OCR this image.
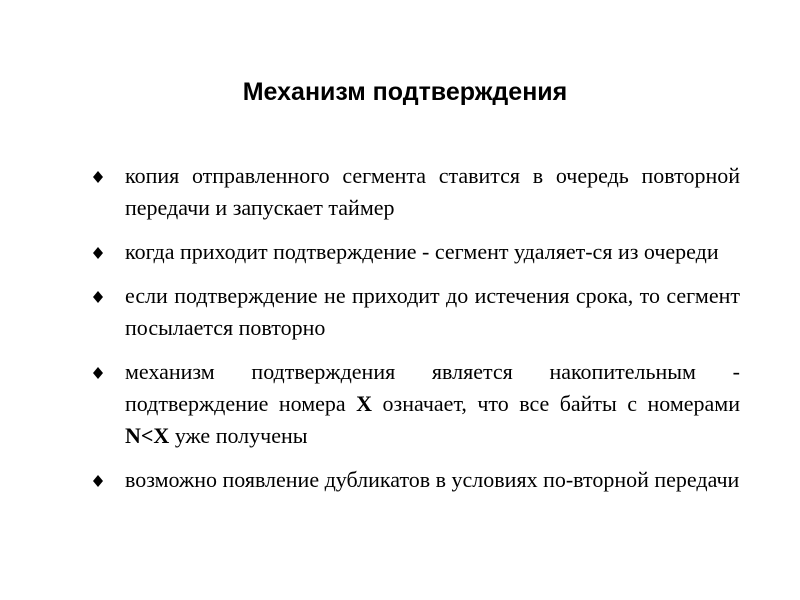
Механизм подтверждения

копия отправленного сегмента ставится в очередь повторной передачи и запускает таймер

когда приходит подтверждение - сегмент удаляет-ся из очереди

если подтверждение не приходит до истечения срока, то сегмент посылается повторно

механизм подтверждения является накопительным - подтверждение номера X означает, что все байты с номерами N<X уже получены

возможно появление дубликатов в условиях по-вторной передачи
